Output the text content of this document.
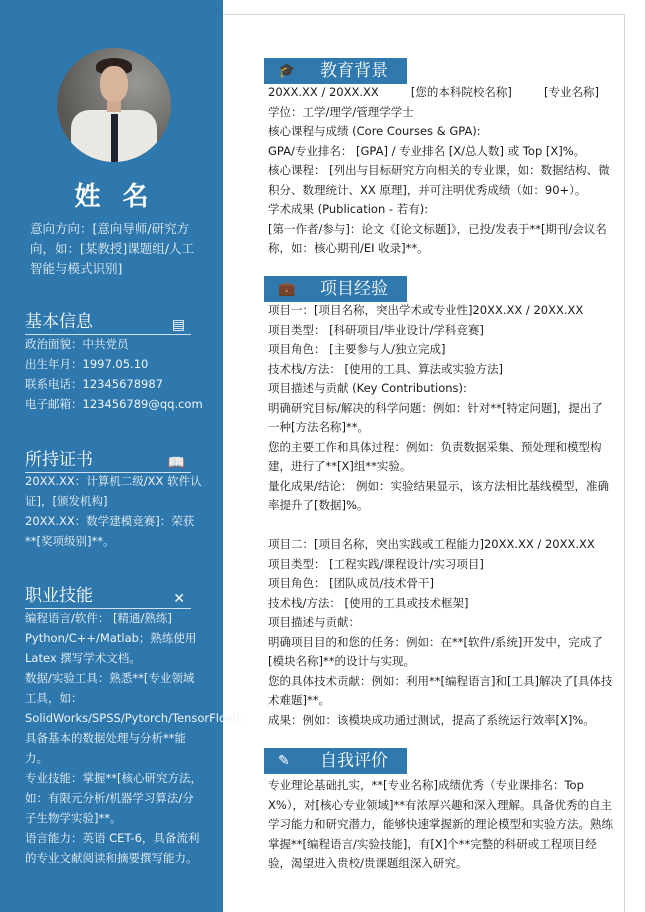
姓名
意向方向：[意向导师/研究方向，如：[某教授]课题组/人工智能与模式识别]
基本信息	▤
政治面貌：中共党员
出生年月：1997.05.10
联系电话：12345678987
电子邮箱：123456789@qq.com
所持证书	📖
20XX.XX：计算机二级/XX 软件认证]，[颁发机构]
20XX.XX：数学建模竞赛]：荣获**[奖项级别]**。
职业技能	✕
编程语言/软件： [精通/熟练] Python/C++/Matlab；熟练使用 Latex 撰写学术文档。
数据/实验工具：熟悉**[专业领域工具，如：SolidWorks/SPSS/Pytorch/TensorFlow]；具备基本的数据处理与分析**能力。
专业技能：掌握**[核心研究方法，如：有限元分析/机器学习算法/分子生物学实验]**。
语言能力：英语 CET-6，具备流利的专业文献阅读和摘要撰写能力。
🎓 教育背景
20XX.XX / 20XX.XX	[您的本科院校名称]	[专业名称]

学位：工学/理学/管理学学士

核心课程与成绩 (Core Courses & GPA):

GPA/专业排名： [GPA] / 专业排名 [X/总人数] 或 Top [X]%。

核心课程： [列出与目标研究方向相关的专业课，如：数据结构、微积分、数理统计、XX 原理]，并可注明优秀成绩（如：90+）。

学术成果 (Publication - 若有):

[第一作者/参与]：论文《[论文标题]》，已投/发表于**[期刊/会议名称，如：核心期刊/EI 收录]**。

💼 项目经验

项目一：[项目名称，突出学术或专业性]20XX.XX / 20XX.XX

项目类型： [科研项目/毕业设计/学科竞赛]

项目角色： [主要参与人/独立完成]

技术栈/方法： [使用的工具、算法或实验方法]

项目描述与贡献 (Key Contributions):

明确研究目标/解决的科学问题：例如：针对**[特定问题]，提出了一种[方法名称]**。

您的主要工作和具体过程：例如：负责数据采集、预处理和模型构建，进行了**[X]组**实验。

量化成果/结论： 例如：实验结果显示，该方法相比基线模型，准确率提升了[数据]%。

项目二：[项目名称，突出实践或工程能力]20XX.XX / 20XX.XX

项目类型： [工程实践/课程设计/实习项目]

项目角色： [团队成员/技术骨干]

技术栈/方法： [使用的工具或技术框架]

项目描述与贡献：

明确项目目的和您的任务：例如：在**[软件/系统]开发中，完成了[模块名称]**的设计与实现。

您的具体技术贡献：例如：利用**[编程语言]和[工具]解决了[具体技术难题]**。

成果：例如：该模块成功通过测试，提高了系统运行效率[X]%。

✎ 自我评价
专业理论基础扎实，**[专业名称]成绩优秀（专业课排名：Top X%），对[核心专业领域]**有浓厚兴趣和深入理解。具备优秀的自主学习能力和研究潜力，能够快速掌握新的理论模型和实验方法。熟练掌握**[编程语言/实验技能]，有[X]个**完整的科研或工程项目经验，渴望进入贵校/贵课题组深入研究。
